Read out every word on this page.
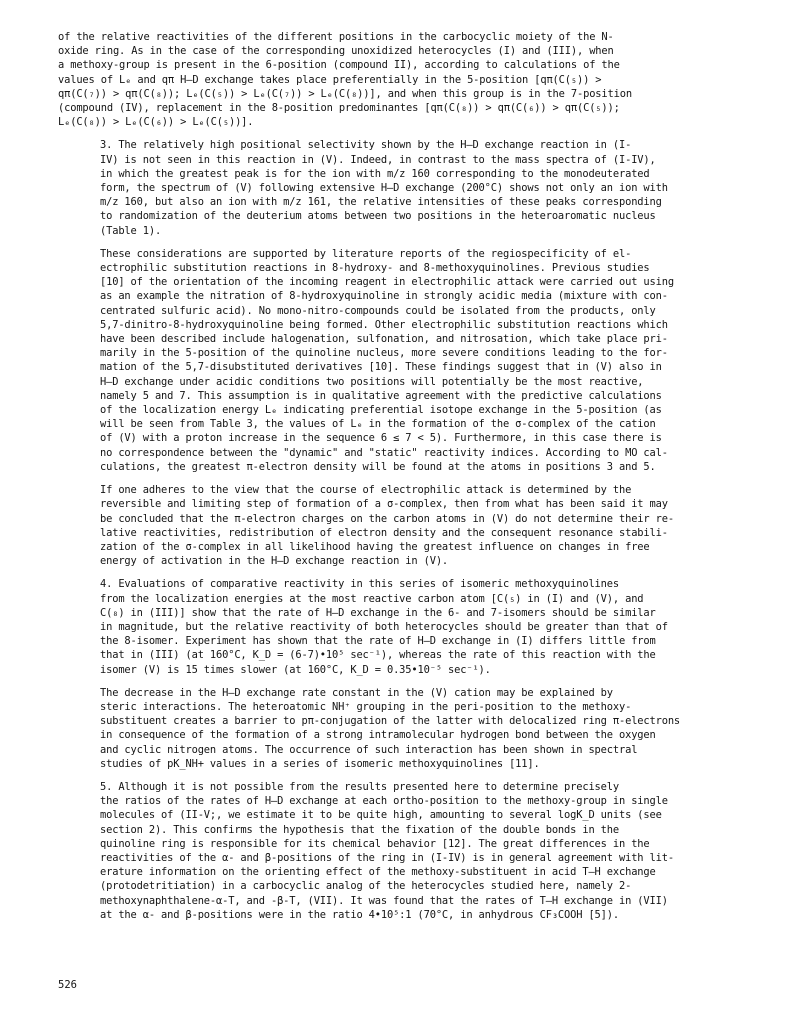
of the relative reactivities of the different positions in the carbocyclic moiety of the N-
oxide ring. As in the case of the corresponding unoxidized heterocycles (I) and (III), when
a methoxy-group is present in the 6-position (compound II), according to calculations of the
values of Lₑ and qπ H–D exchange takes place preferentially in the 5-position [qπ(C(₅)) >
qπ(C(₇)) > qπ(C(₈)); Lₑ(C(₅)) > Lₑ(C(₇)) > Lₑ(C(₈))], and when this group is in the 7-position
(compound (IV), replacement in the 8-position predominantes [qπ(C(₈)) > qπ(C(₆)) > qπ(C(₅));
Lₑ(C(₈)) > Lₑ(C(₆)) > Lₑ(C(₅))].
3. The relatively high positional selectivity shown by the H–D exchange reaction in (I-
IV) is not seen in this reaction in (V). Indeed, in contrast to the mass spectra of (I-IV),
in which the greatest peak is for the ion with m/z 160 corresponding to the monodeuterated
form, the spectrum of (V) following extensive H–D exchange (200°C) shows not only an ion with
m/z 160, but also an ion with m/z 161, the relative intensities of these peaks corresponding
to randomization of the deuterium atoms between two positions in the heteroaromatic nucleus
(Table 1).
These considerations are supported by literature reports of the regiospecificity of el-
ectrophilic substitution reactions in 8-hydroxy- and 8-methoxyquinolines. Previous studies
[10] of the orientation of the incoming reagent in electrophilic attack were carried out using
as an example the nitration of 8-hydroxyquinoline in strongly acidic media (mixture with con-
centrated sulfuric acid). No mono-nitro-compounds could be isolated from the products, only
5,7-dinitro-8-hydroxyquinoline being formed. Other electrophilic substitution reactions which
have been described include halogenation, sulfonation, and nitrosation, which take place pri-
marily in the 5-position of the quinoline nucleus, more severe conditions leading to the for-
mation of the 5,7-disubstituted derivatives [10]. These findings suggest that in (V) also in
H–D exchange under acidic conditions two positions will potentially be the most reactive,
namely 5 and 7. This assumption is in qualitative agreement with the predictive calculations
of the localization energy Lₑ indicating preferential isotope exchange in the 5-position (as
will be seen from Table 3, the values of Lₑ in the formation of the σ-complex of the cation
of (V) with a proton increase in the sequence 6 ≤ 7 < 5). Furthermore, in this case there is
no correspondence between the "dynamic" and "static" reactivity indices. According to MO cal-
culations, the greatest π-electron density will be found at the atoms in positions 3 and 5.
If one adheres to the view that the course of electrophilic attack is determined by the
reversible and limiting step of formation of a σ-complex, then from what has been said it may
be concluded that the π-electron charges on the carbon atoms in (V) do not determine their re-
lative reactivities, redistribution of electron density and the consequent resonance stabili-
zation of the σ-complex in all likelihood having the greatest influence on changes in free
energy of activation in the H–D exchange reaction in (V).
4. Evaluations of comparative reactivity in this series of isomeric methoxyquinolines
from the localization energies at the most reactive carbon atom [C(₅) in (I) and (V), and
C(₈) in (III)] show that the rate of H–D exchange in the 6- and 7-isomers should be similar
in magnitude, but the relative reactivity of both heterocycles should be greater than that of
the 8-isomer. Experiment has shown that the rate of H–D exchange in (I) differs little from
that in (III) (at 160°C, K_D = (6-7)•10⁵ sec⁻¹), whereas the rate of this reaction with the
isomer (V) is 15 times slower (at 160°C, K_D = 0.35•10⁻⁵ sec⁻¹).
The decrease in the H–D exchange rate constant in the (V) cation may be explained by
steric interactions. The heteroatomic NH⁺ grouping in the peri-position to the methoxy-
substituent creates a barrier to pπ-conjugation of the latter with delocalized ring π-electrons
in consequence of the formation of a strong intramolecular hydrogen bond between the oxygen
and cyclic nitrogen atoms. The occurrence of such interaction has been shown in spectral
studies of pK_NH+ values in a series of isomeric methoxyquinolines [11].
5. Although it is not possible from the results presented here to determine precisely
the ratios of the rates of H–D exchange at each ortho-position to the methoxy-group in single
molecules of (II-V;, we estimate it to be quite high, amounting to several logK_D units (see
section 2). This confirms the hypothesis that the fixation of the double bonds in the
quinoline ring is responsible for its chemical behavior [12]. The great differences in the
reactivities of the α- and β-positions of the ring in (I-IV) is in general agreement with lit-
erature information on the orienting effect of the methoxy-substituent in acid T–H exchange
(protodetritiation) in a carbocyclic analog of the heterocycles studied here, namely 2-
methoxynaphthalene-α-T, and -β-T, (VII). It was found that the rates of T–H exchange in (VII)
at the α- and β-positions were in the ratio 4•10⁵:1 (70°C, in anhydrous CF₃COOH [5]).
526
